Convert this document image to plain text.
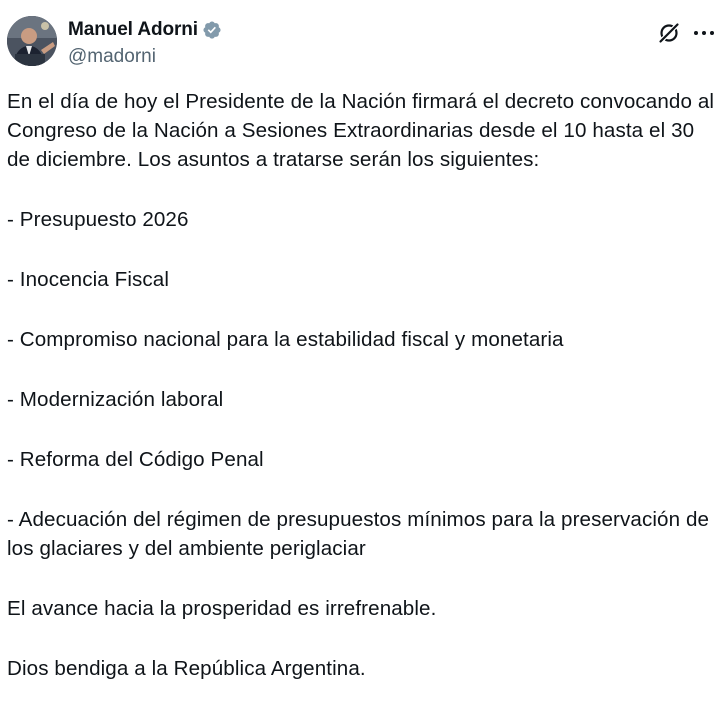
Manuel Adorni
@madorni

En el día de hoy el Presidente de la Nación firmará el decreto convocando al Congreso de la Nación a Sesiones Extraordinarias desde el 10 hasta el 30 de diciembre. Los asuntos a tratarse serán los siguientes:

- Presupuesto 2026

- Inocencia Fiscal

- Compromiso nacional para la estabilidad fiscal y monetaria

- Modernización laboral

- Reforma del Código Penal

- Adecuación del régimen de presupuestos mínimos para la preservación de los glaciares y del ambiente periglaciar

El avance hacia la prosperidad es irrefrenable.

Dios bendiga a la República Argentina.
